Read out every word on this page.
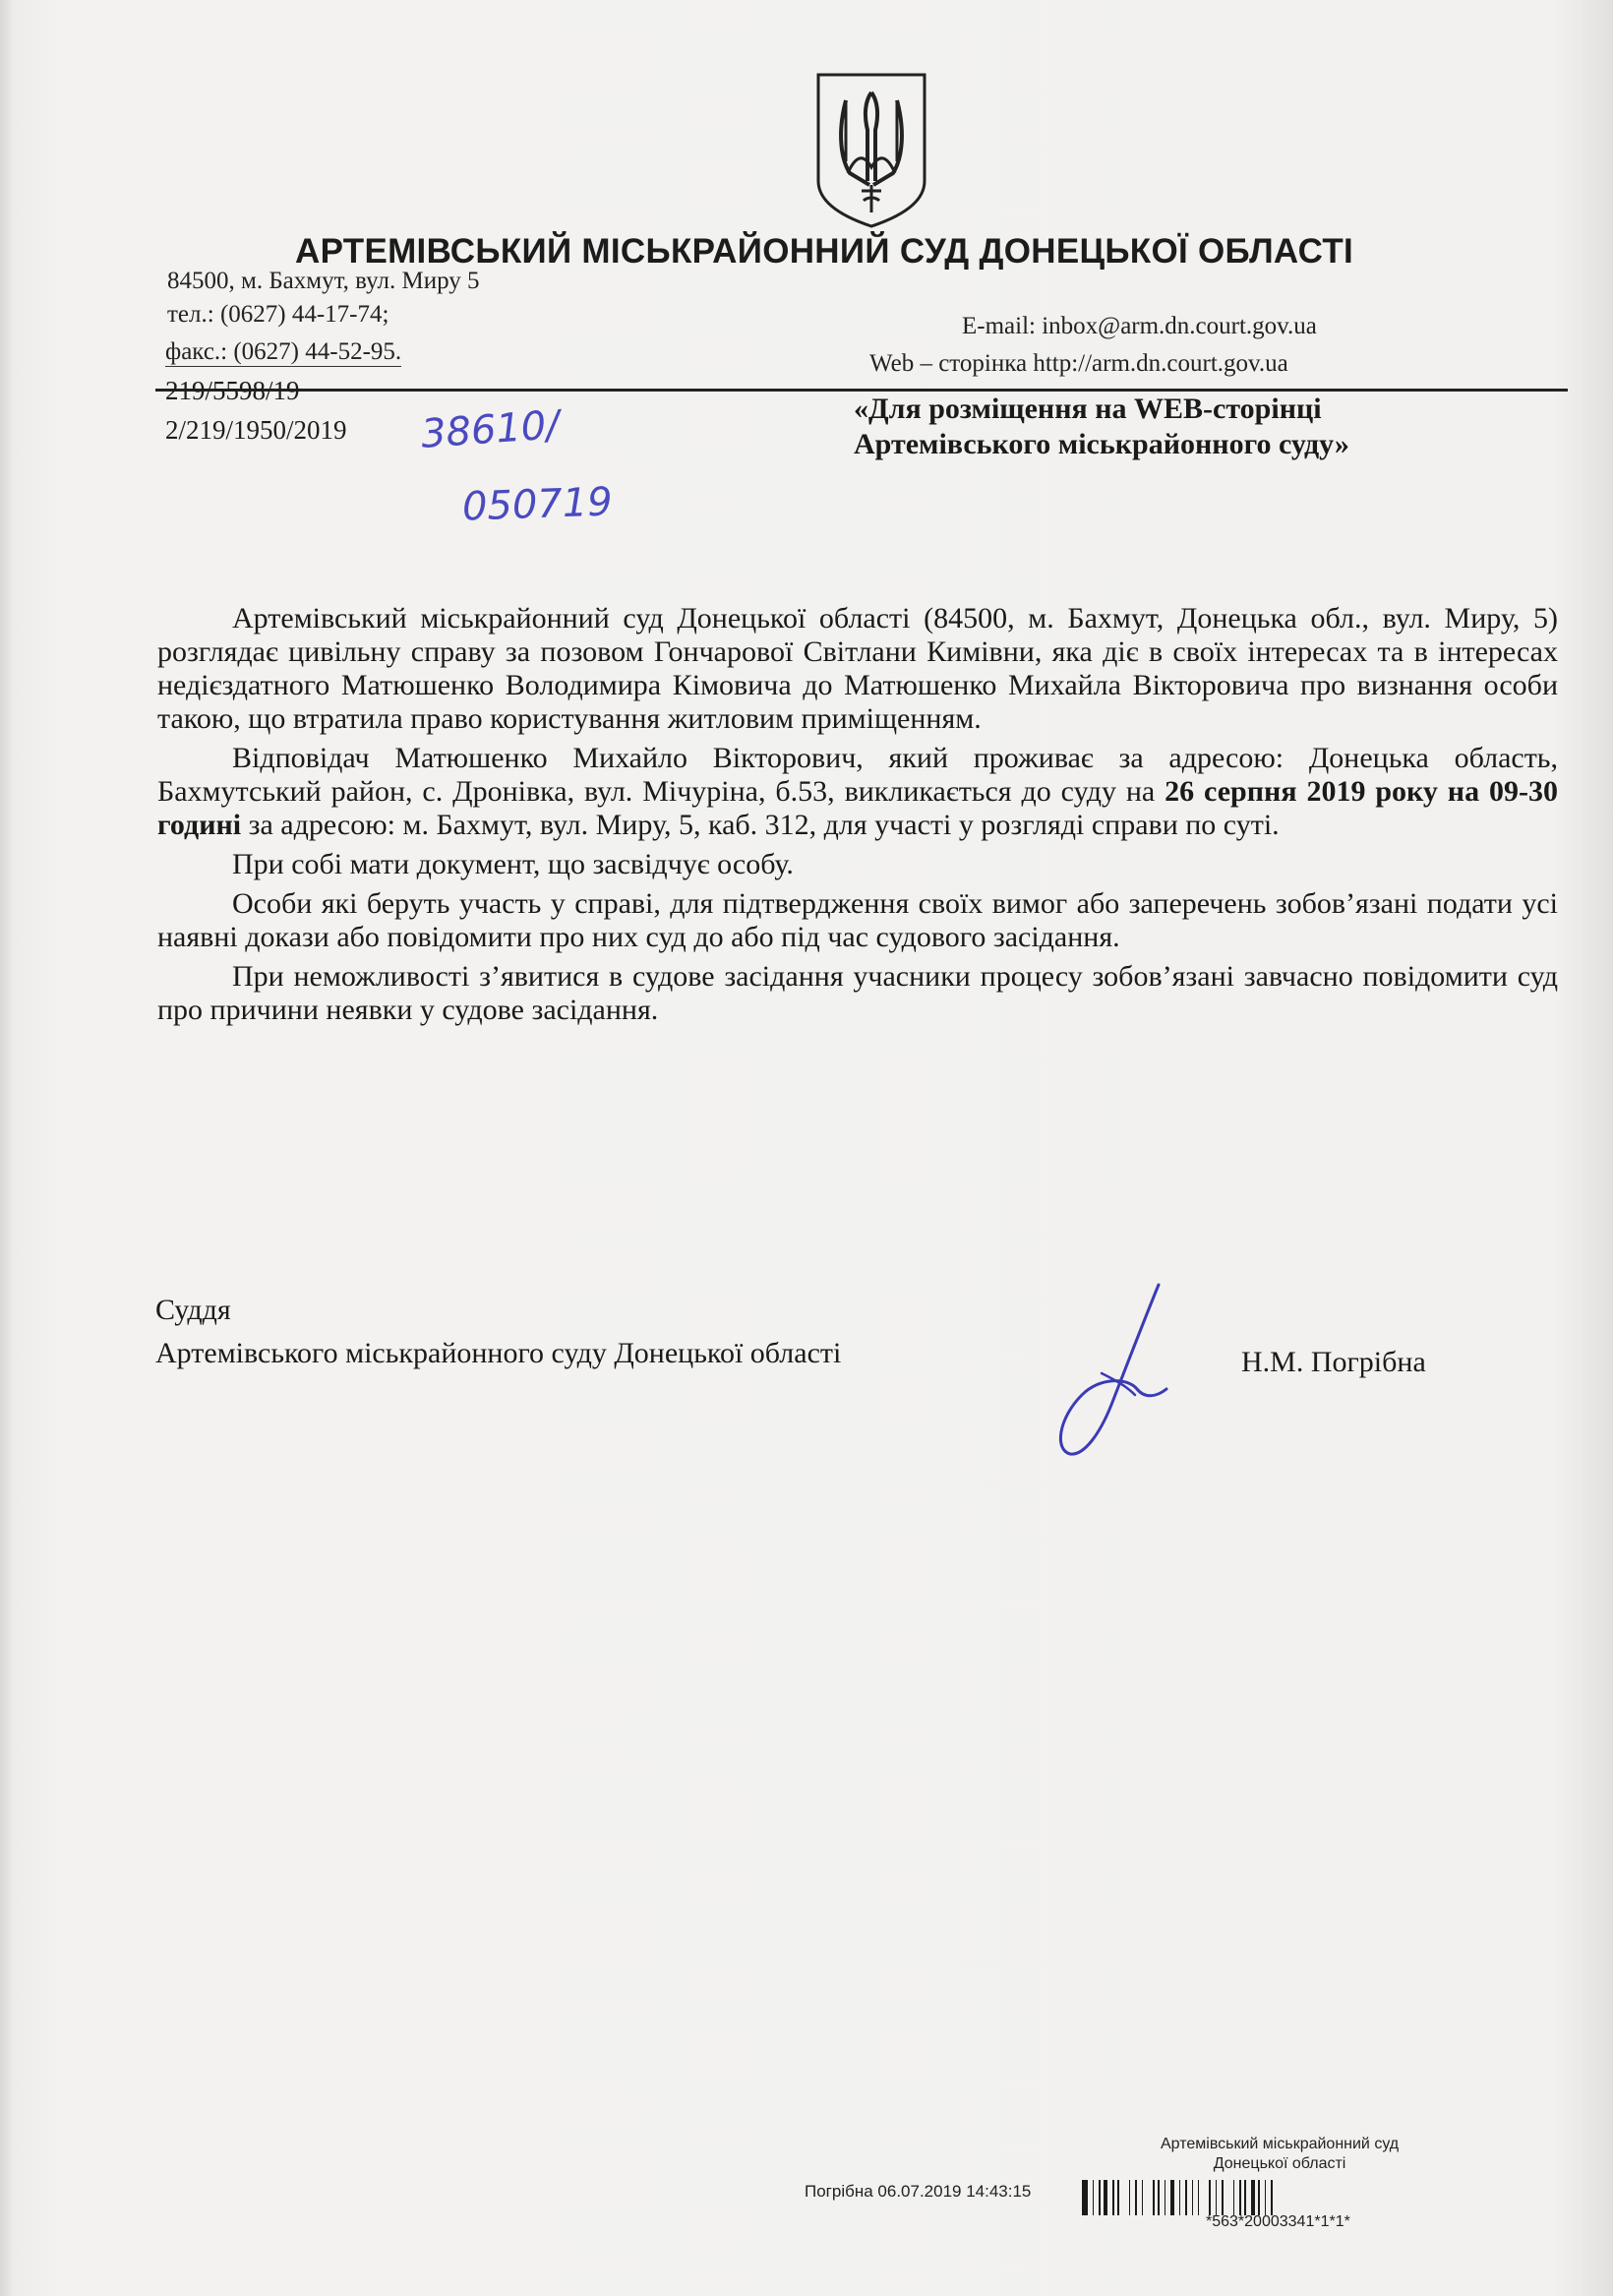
АРТЕМІВСЬКИЙ МІСЬКРАЙОННИЙ СУД ДОНЕЦЬКОЇ ОБЛАСТІ
84500, м. Бахмут, вул. Миру 5
тел.: (0627) 44-17-74;
факс.: (0627) 44-52-95.
E-mail: inbox@arm.dn.court.gov.ua
Web – сторінка http://arm.dn.court.gov.ua
219/5598/19
2/219/1950/2019 38610/
050719
«Для розміщення на WEB-сторінці
Артемівського міськрайонного суду»

Артемівський міськрайонний суд Донецької області (84500, м. Бахмут, Донецька обл., вул. Миру, 5) розглядає цивільну справу за позовом Гончарової Світлани Кимівни, яка діє в своїх інтересах та в інтересах недієздатного Матюшенко Володимира Кімовича до Матюшенко Михайла Вікторовича про визнання особи такою, що втратила право користування житловим приміщенням.

Відповідач Матюшенко Михайло Вікторович, який проживає за адресою: Донецька область, Бахмутський район, с. Дронівка, вул. Мічуріна, б.53, викликається до суду на 26 серпня 2019 року на 09-30 годині за адресою: м. Бахмут, вул. Миру, 5, каб. 312, для участі у розгляді справи по суті.

При собі мати документ, що засвідчує особу.

Особи які беруть участь у справі, для підтвердження своїх вимог або заперечень зобов’язані подати усі наявні докази або повідомити про них суд до або під час судового засідання.

При неможливості з’явитися в судове засідання учасники процесу зобов’язані завчасно повідомити суд про причини неявки у судове засідання.

Суддя
Артемівського міськрайонного суду Донецької області	Н.М. Погрібна
Артемівський міськрайонний суд
Донецької області
Погрібна 06.07.2019 14:43:15
*563*20003341*1*1*
